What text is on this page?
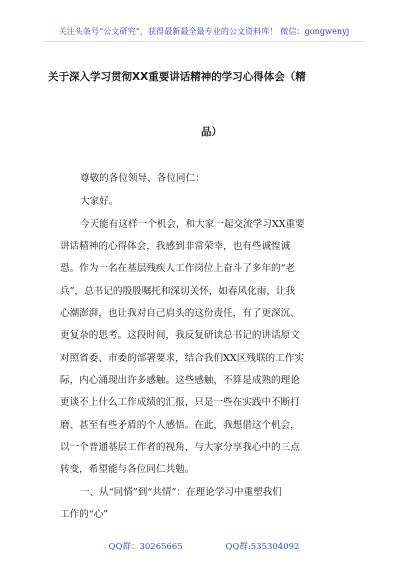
关注头条号“公文研究”，获得最新最全最专业的公文资料库！ 微信：gongwenyj
关于深入学习贯彻XX重要讲话精神的学习心得体会（精
品）
尊敬的各位领导、各位同仁：
大家好。
今天能有这样一个机会，和大家一起交流学习XX重要
讲话精神的心得体会，我感到非常荣幸，也有些诚惶诚
恐。作为一名在基层残疾人工作岗位上奋斗了多年的“老
兵”，总书记的殷殷嘱托和深切关怀，如春风化雨，让我
心潮澎湃，也让我对自己肩头的这份责任，有了更深沉、
更复杂的思考。这段时间，我反复研读总书记的讲话原文
对照省委、市委的部署要求，结合我们XX区残联的工作实
际，内心涌现出许多感触。这些感触，不算是成熟的理论
更谈不上什么工作成绩的汇报，只是一些在实践中不断打
磨、甚至有些矛盾的个人感悟。在此，我想借这个机会，
以一个普通基层工作者的视角，与大家分享我心中的三点
转变，希望能与各位同仁共勉。
一、从“同情”到“共情”：在理论学习中重塑我们
工作的“心”
QQ群：30265665	QQ群:535304092
